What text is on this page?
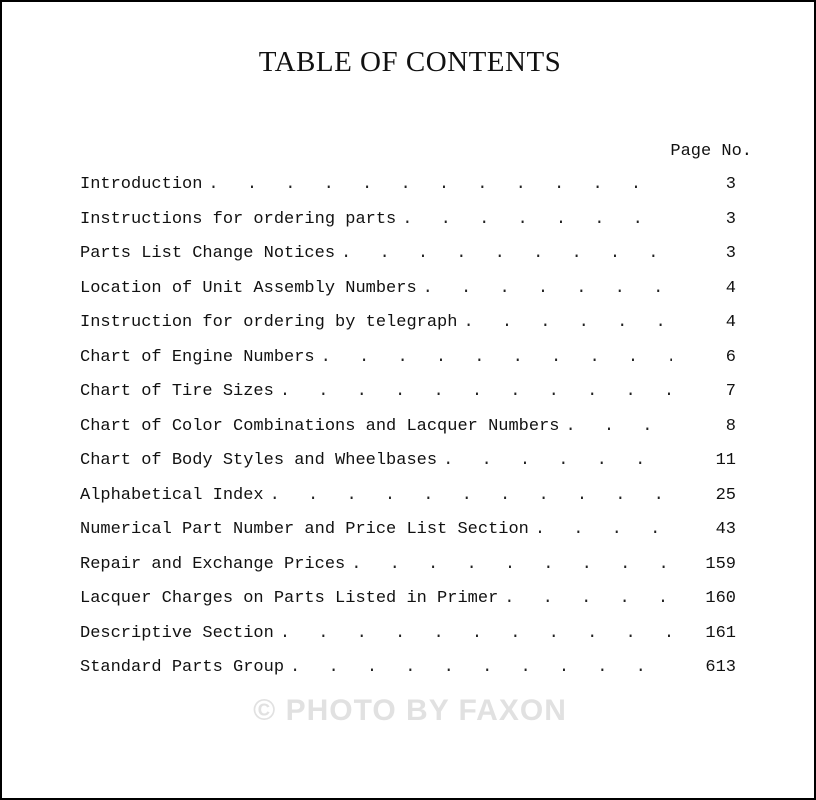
TABLE OF CONTENTS
Page No.
Introduction . . .	3
Instructions for ordering parts . . .	3
Parts List Change Notices . . .	3
Location of Unit Assembly Numbers . . .	4
Instruction for ordering by telegraph . . .	4
Chart of Engine Numbers . . .	6
Chart of Tire Sizes . . .	7
Chart of Color Combinations and Lacquer Numbers . . .	8
Chart of Body Styles and Wheelbases . . .	11
Alphabetical Index . . .	25
Numerical Part Number and Price List Section . . .	43
Repair and Exchange Prices . . .	159
Lacquer Charges on Parts Listed in Primer . . .	160
Descriptive Section . . .	161
Standard Parts Group . . .	613
© PHOTO BY FAXON
